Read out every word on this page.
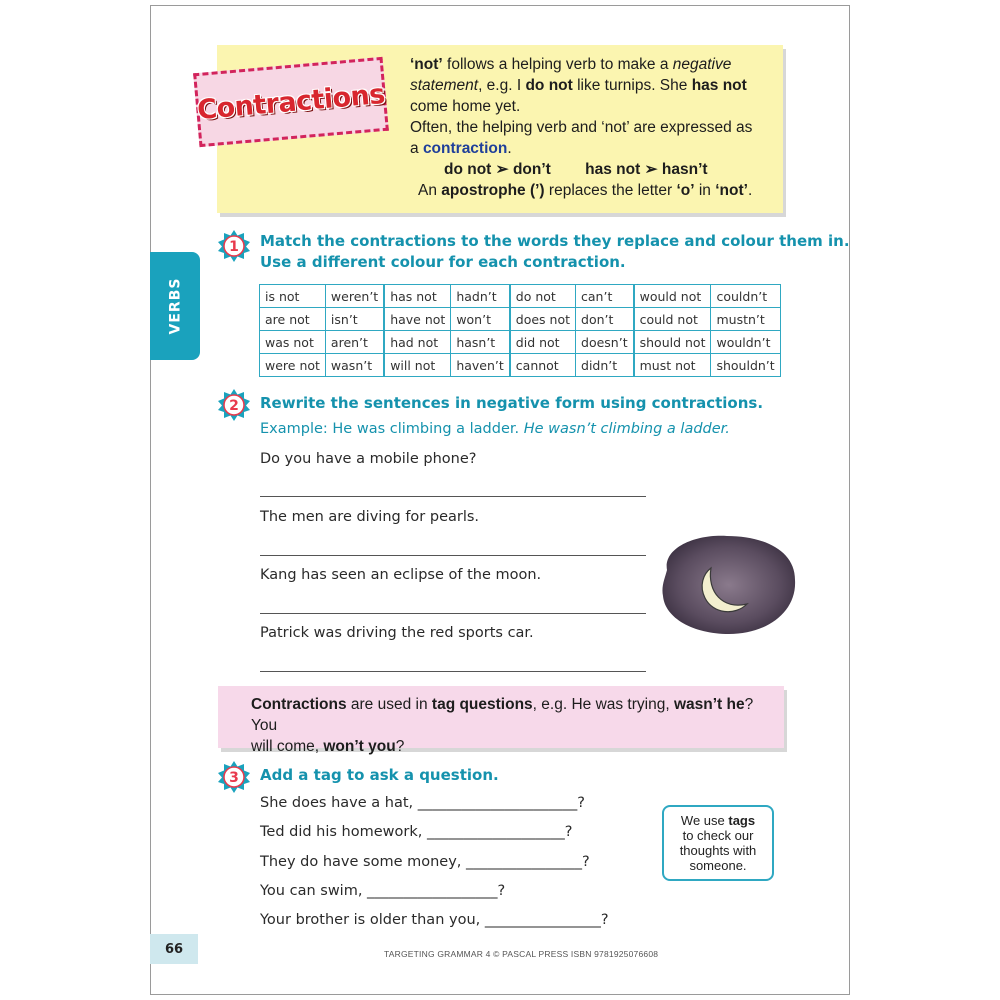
Contractions
‘not’ follows a helping verb to make a negative
statement, e.g. I do not like turnips. She has not
come home yet.
Often, the helping verb and ‘not’ are expressed as
a contraction.
do not ➢ don’t has not ➢ hasn’t
An apostrophe (’) replaces the letter ‘o’ in ‘not’.
VERBS
1 Match the contractions to the words they replace and colour them in.
Use a different colour for each contraction.
is not	weren’t	has not	hadn’t	do not	can’t	would not	couldn’t
are not	isn’t	have not	won’t	does not	don’t	could not	mustn’t
was not	aren’t	had not	hasn’t	did not	doesn’t	should not	wouldn’t
were not	wasn’t	will not	haven’t	cannot	didn’t	must not	shouldn’t
2 Rewrite the sentences in negative form using contractions.
Example: He was climbing a ladder. He wasn’t climbing a ladder.
Do you have a mobile phone?
The men are diving for pearls.
Kang has seen an eclipse of the moon.
Patrick was driving the red sports car.
Contractions are used in tag questions, e.g. He was trying, wasn’t he? You
will come, won’t you?
3 Add a tag to ask a question.
She does have a hat, ______________________?
Ted did his homework, ___________________?
They do have some money, ________________?
You can swim, __________________?
Your brother is older than you, ________________?
We use tags
to check our
thoughts with
someone.
66	TARGETING GRAMMAR 4 © PASCAL PRESS ISBN 9781925076608
